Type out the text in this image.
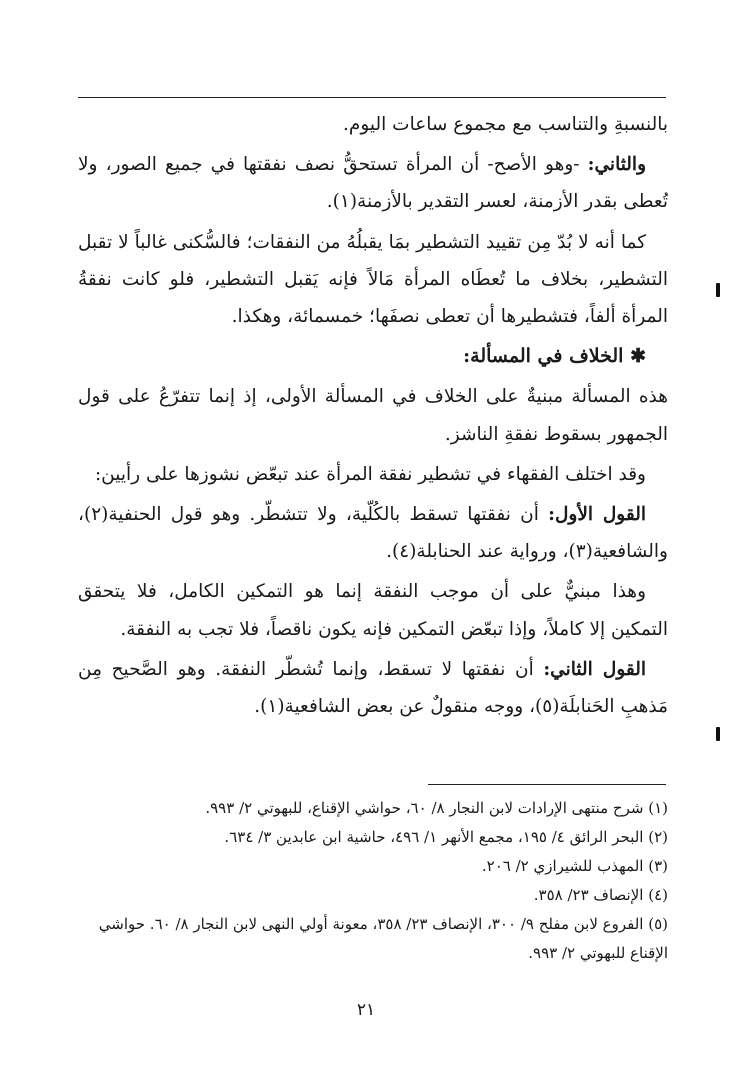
بالنسبةِ والتناسب مع مجموع ساعات اليوم.

والثاني: -وهو الأصح- أن المرأة تستحقُّ نصف نفقتها في جميع الصور، ولا تُعطى بقدر الأزمنة، لعسر التقدير بالأزمنة(١).

كما أنه لا بُدّ مِن تقييد التشطير بمَا يقبلُهُ من النفقات؛ فالسُّكنى غالباً لا تقبل التشطير، بخلاف ما تُعطَاه المرأة مَالاً فإنه يَقبل التشطير، فلو كانت نفقةُ المرأة ألفاً، فتشطيرها أن تعطى نصفَها؛ خمسمائة، وهكذا.

✱ الخلاف في المسألة:

هذه المسألة مبنيةٌ على الخلاف في المسألة الأولى، إذ إنما تتفرّعُ على قول الجمهور بسقوط نفقةِ الناشز.

وقد اختلف الفقهاء في تشطير نفقة المرأة عند تبعّض نشوزها على رأيين:

القول الأول: أن نفقتها تسقط بالكُلّية، ولا تتشطّر. وهو قول الحنفية(٢)، والشافعية(٣)، ورواية عند الحنابلة(٤).

وهذا مبنيٌّ على أن موجب النفقة إنما هو التمكين الكامل، فلا يتحقق التمكين إلا كاملاً، وإذا تبعّض التمكين فإنه يكون ناقصاً، فلا تجب به النفقة.

القول الثاني: أن نفقتها لا تسقط، وإنما تُشطّر النفقة. وهو الصَّحيح مِن مَذهبِ الحَنابلَة(٥)، ووجه منقولٌ عن بعض الشافعية(١).

(١) شرح منتهى الإرادات لابن النجار ٨/ ٦٠، حواشي الإقناع، للبهوتي ٢/ ٩٩٣.
(٢) البحر الرائق ٤/ ١٩٥، مجمع الأنهر ١/ ٤٩٦، حاشية ابن عابدين ٣/ ٦٣٤.
(٣) المهذب للشيرازي ٢/ ٢٠٦.
(٤) الإنصاف ٢٣/ ٣٥٨.
(٥) الفروع لابن مفلح ٩/ ٣٠٠، الإنصاف ٢٣/ ٣٥٨، معونة أولي النهى لابن النجار ٨/ ٦٠. حواشي الإقناع للبهوتي ٢/ ٩٩٣.
٢١
